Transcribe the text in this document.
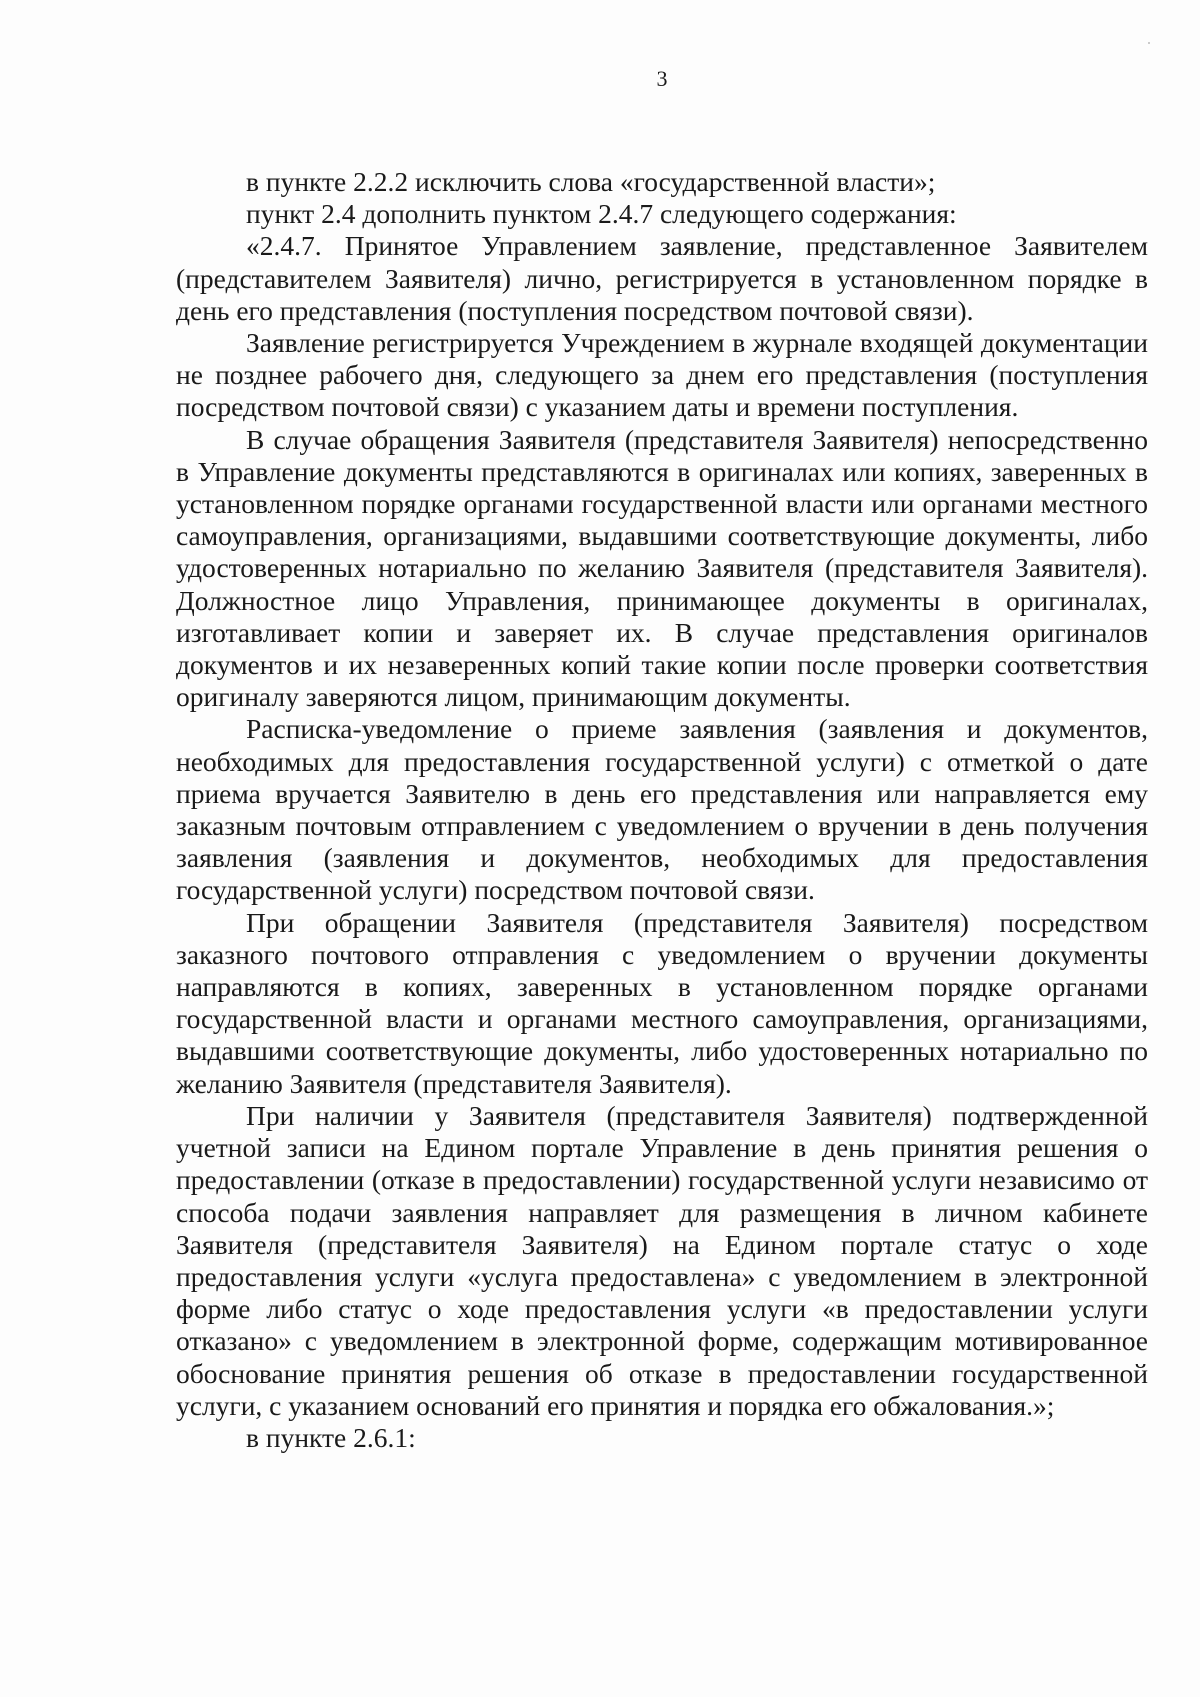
3

в пункте 2.2.2 исключить слова «государственной власти»;

пункт 2.4 дополнить пунктом 2.4.7 следующего содержания:

«2.4.7. Принятое Управлением заявление, представленное Заявителем (представителем Заявителя) лично, регистрируется в установленном порядке в день его представления (поступления посредством почтовой связи).

Заявление регистрируется Учреждением в журнале входящей документации не позднее рабочего дня, следующего за днем его представления (поступления посредством почтовой связи) с указанием даты и времени поступления.

В случае обращения Заявителя (представителя Заявителя) непосредственно в Управление документы представляются в оригиналах или копиях, заверенных в установленном порядке органами государственной власти или органами местного самоуправления, организациями, выдавшими соответствующие документы, либо удостоверенных нотариально по желанию Заявителя (представителя Заявителя). Должностное лицо Управления, принимающее документы в оригиналах, изготавливает копии и заверяет их. В случае представления оригиналов документов и их незаверенных копий такие копии после проверки соответствия оригиналу заверяются лицом, принимающим документы.

Расписка-уведомление о приеме заявления (заявления и документов, необходимых для предоставления государственной услуги) с отметкой о дате приема вручается Заявителю в день его представления или направляется ему заказным почтовым отправлением с уведомлением о вручении в день получения заявления (заявления и документов, необходимых для предоставления государственной услуги) посредством почтовой связи.

При обращении Заявителя (представителя Заявителя) посредством заказного почтового отправления с уведомлением о вручении документы направляются в копиях, заверенных в установленном порядке органами государственной власти и органами местного самоуправления, организациями, выдавшими соответствующие документы, либо удостоверенных нотариально по желанию Заявителя (представителя Заявителя).

При наличии у Заявителя (представителя Заявителя) подтвержденной учетной записи на Едином портале Управление в день принятия решения о предоставлении (отказе в предоставлении) государственной услуги независимо от способа подачи заявления направляет для размещения в личном кабинете Заявителя (представителя Заявителя) на Едином портале статус о ходе предоставления услуги «услуга предоставлена» с уведомлением в электронной форме либо статус о ходе предоставления услуги «в предоставлении услуги отказано» с уведомлением в электронной форме, содержащим мотивированное обоснование принятия решения об отказе в предоставлении государственной услуги, с указанием оснований его принятия и порядка его обжалования.»;

в пункте 2.6.1:
